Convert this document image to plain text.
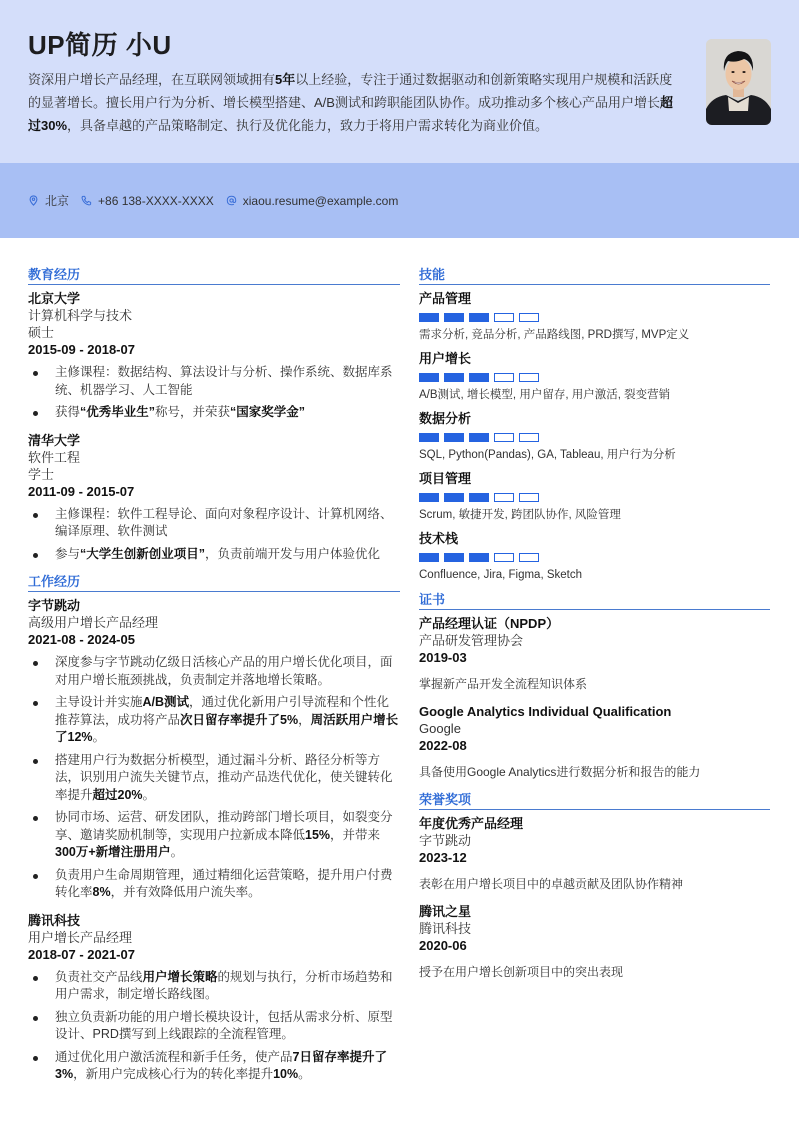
UP简历 小U
资深用户增长产品经理，在互联网领域拥有5年以上经验，专注于通过数据驱动和创新策略实现用户规模和活跃度的显著增长。擅长用户行为分析、增长模型搭建、A/B测试和跨职能团队协作。成功推动多个核心产品用户增长超过30%，具备卓越的产品策略制定、执行及优化能力，致力于将用户需求转化为商业价值。
北京 +86 138-XXXX-XXXX xiaou.resume@example.com
教育经历
北京大学
计算机科学与技术
硕士
2015-09 - 2018-07
主修课程：数据结构、算法设计与分析、操作系统、数据库系统、机器学习、人工智能
获得“优秀毕业生”称号，并荣获“国家奖学金”
清华大学
软件工程
学士
2011-09 - 2015-07
主修课程：软件工程导论、面向对象程序设计、计算机网络、编译原理、软件测试
参与“大学生创新创业项目”，负责前端开发与用户体验优化
工作经历
字节跳动
高级用户增长产品经理
2021-08 - 2024-05
深度参与字节跳动亿级日活核心产品的用户增长优化项目，面对用户增长瓶颈挑战，负责制定并落地增长策略。
主导设计并实施A/B测试，通过优化新用户引导流程和个性化推荐算法，成功将产品次日留存率提升了5%，周活跃用户增长了12%。
搭建用户行为数据分析模型，通过漏斗分析、路径分析等方法，识别用户流失关键节点，推动产品迭代优化，使关键转化率提升超过20%。
协同市场、运营、研发团队，推动跨部门增长项目，如裂变分享、邀请奖励机制等，实现用户拉新成本降低15%，并带来300万+新增注册用户。
负责用户生命周期管理，通过精细化运营策略，提升用户付费转化率8%，并有效降低用户流失率。
腾讯科技
用户增长产品经理
2018-07 - 2021-07
负责社交产品线用户增长策略的规划与执行，分析市场趋势和用户需求，制定增长路线图。
独立负责新功能的用户增长模块设计，包括从需求分析、原型设计、PRD撰写到上线跟踪的全流程管理。
通过优化用户激活流程和新手任务，使产品7日留存率提升了3%，新用户完成核心行为的转化率提升10%。
技能
产品管理
需求分析, 竞品分析, 产品路线图, PRD撰写, MVP定义
用户增长
A/B测试, 增长模型, 用户留存, 用户激活, 裂变营销
数据分析
SQL, Python(Pandas), GA, Tableau, 用户行为分析
项目管理
Scrum, 敏捷开发, 跨团队协作, 风险管理
技术栈
Confluence, Jira, Figma, Sketch
证书
产品经理认证（NPDP）
产品研发管理协会
2019-03
掌握新产品开发全流程知识体系
Google Analytics Individual Qualification
Google
2022-08
具备使用Google Analytics进行数据分析和报告的能力
荣誉奖项
年度优秀产品经理
字节跳动
2023-12
表彰在用户增长项目中的卓越贡献及团队协作精神
腾讯之星
腾讯科技
2020-06
授予在用户增长创新项目中的突出表现
